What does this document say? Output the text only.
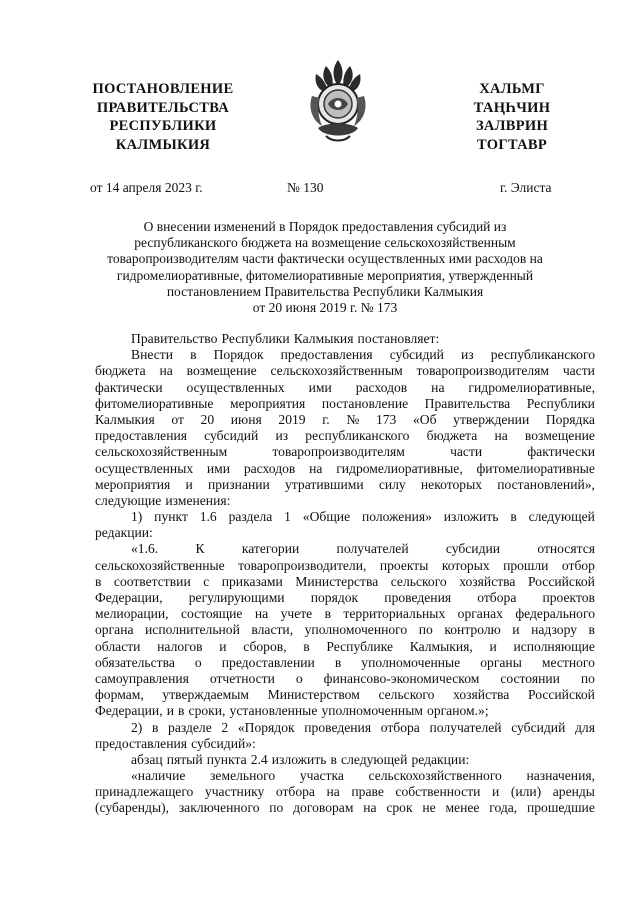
ПОСТАНОВЛЕНИЕ
ПРАВИТЕЛЬСТВА
РЕСПУБЛИКИ
КАЛМЫКИЯ
ХАЛЬМГ
ТАҢҺЧИН
ЗАЛВРИН
ТОГТАВР
от 14 апреля 2023 г.	№ 130	г. Элиста
О внесении изменений в Порядок предоставления субсидий из
республиканского бюджета на возмещение сельскохозяйственным
товаропроизводителям части фактически осуществленных ими расходов на
гидромелиоративные, фитомелиоративные мероприятия, утвержденный
постановлением Правительства Республики Калмыкия
от 20 июня 2019 г. № 173
Правительство Республики Калмыкия постановляет:
Внести в Порядок предоставления субсидий из республиканского
бюджета на возмещение сельскохозяйственным товаропроизводителям части
фактически осуществленных ими расходов на гидромелиоративные,
фитомелиоративные мероприятия постановление Правительства Республики
Калмыкия от 20 июня 2019 г. № 173 «Об утверждении Порядка
предоставления субсидий из республиканского бюджета на возмещение
сельскохозяйственным	товаропроизводителям	части	фактически
осуществленных ими расходов на гидромелиоративные, фитомелиоративные
мероприятия и признании утратившими силу некоторых постановлений»,
следующие изменения:
1) пункт 1.6 раздела 1 «Общие положения» изложить в следующей
редакции:
«1.6.	К	категории	получателей	субсидии	относятся
сельскохозяйственные товаропроизводители, проекты которых прошли отбор
в соответствии с приказами Министерства сельского хозяйства Российской
Федерации, регулирующими порядок проведения отбора проектов
мелиорации, состоящие на учете в территориальных органах федерального
органа исполнительной власти, уполномоченного по контролю и надзору в
области налогов и сборов, в Республике Калмыкия, и исполняющие
обязательства о предоставлении в уполномоченные органы местного
самоуправления отчетности о финансово-экономическом состоянии по
формам, утверждаемым Министерством сельского хозяйства Российской
Федерации, и в сроки, установленные уполномоченным органом.»;
2) в разделе 2 «Порядок проведения отбора получателей субсидий для
предоставления субсидий»:
абзац пятый пункта 2.4 изложить в следующей редакции:
«наличие земельного участка сельскохозяйственного назначения,
принадлежащего участнику отбора на праве собственности и (или) аренды
(субаренды), заключенного по договорам на срок не менее года, прошедшие
